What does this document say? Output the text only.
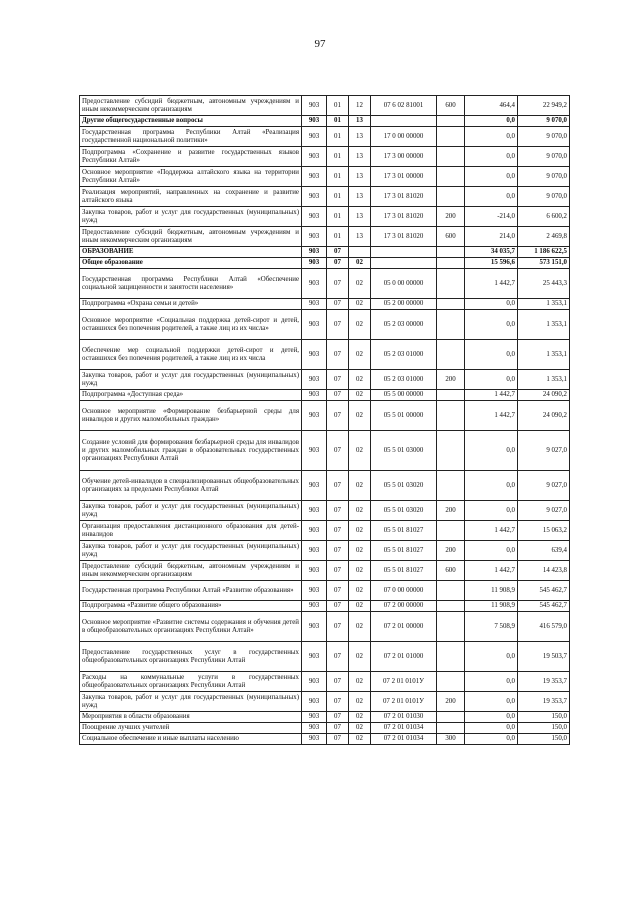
97
Предоставление субсидий бюджетным, автономным учреждениям и иным некоммерческим организациям	903	01	12	07 6 02 81001	600	464,4	22 949,2
Другие общегосударственные вопросы	903	01	13			0,0	9 070,0
Государственная программа Республики Алтай «Реализация государственной национальной политики»	903	01	13	17 0 00 00000		0,0	9 070,0
Подпрограмма «Сохранение и развитие государственных языков Республики Алтай»	903	01	13	17 3 00 00000		0,0	9 070,0
Основное мероприятие «Поддержка алтайского языка на территории Республики Алтай»	903	01	13	17 3 01 00000		0,0	9 070,0
Реализация мероприятий, направленных на сохранение и развитие алтайского языка	903	01	13	17 3 01 81020		0,0	9 070,0
Закупка товаров, работ и услуг для государственных (муниципальных) нужд	903	01	13	17 3 01 81020	200	-214,0	6 600,2
Предоставление субсидий бюджетным, автономным учреждениям и иным некоммерческим организациям	903	01	13	17 3 01 81020	600	214,0	2 469,8
ОБРАЗОВАНИЕ	903	07				34 035,7	1 186 622,5
Общее образование	903	07	02			15 596,6	573 151,0
Государственная программа Республики Алтай «Обеспечение социальной защищенности и занятости населения»	903	07	02	05 0 00 00000		1 442,7	25 443,3
Подпрограмма «Охрана семьи и детей»	903	07	02	05 2 00 00000		0,0	1 353,1
Основное мероприятие «Социальная поддержка детей-сирот и детей, оставшихся без попечения родителей, а также лиц из их числа»	903	07	02	05 2 03 00000		0,0	1 353,1
Обеспечение мер социальной поддержки детей-сирот и детей, оставшихся без попечения родителей, а также лиц из их числа	903	07	02	05 2 03 01000		0,0	1 353,1
Закупка товаров, работ и услуг для государственных (муниципальных) нужд	903	07	02	05 2 03 01000	200	0,0	1 353,1
Подпрограмма «Доступная среда»	903	07	02	05 5 00 00000		1 442,7	24 090,2
Основное мероприятие «Формирование безбарьерной среды для инвалидов и других маломобильных граждан»	903	07	02	05 5 01 00000		1 442,7	24 090,2
Создание условий для формирования безбарьерной среды для инвалидов и других маломобильных граждан в образовательных государственных организациях Республики Алтай	903	07	02	05 5 01 03000		0,0	9 027,0
Обучение детей-инвалидов в специализированных общеобразовательных организациях за пределами Республики Алтай	903	07	02	05 5 01 03020		0,0	9 027,0
Закупка товаров, работ и услуг для государственных (муниципальных) нужд	903	07	02	05 5 01 03020	200	0,0	9 027,0
Организация предоставления дистанционного образования для детей-инвалидов	903	07	02	05 5 01 81027		1 442,7	15 063,2
Закупка товаров, работ и услуг для государственных (муниципальных) нужд	903	07	02	05 5 01 81027	200	0,0	639,4
Предоставление субсидий бюджетным, автономным учреждениям и иным некоммерческим организациям	903	07	02	05 5 01 81027	600	1 442,7	14 423,8
Государственная программа Республики Алтай «Развитие образования»	903	07	02	07 0 00 00000		11 908,9	545 462,7
Подпрограмма «Развитие общего образования»	903	07	02	07 2 00 00000		11 908,9	545 462,7
Основное мероприятие «Развитие системы содержания и обучения детей в общеобразовательных организациях Республики Алтай»	903	07	02	07 2 01 00000		7 508,9	416 579,0
Предоставление государственных услуг в государственных общеобразовательных организациях Республики Алтай	903	07	02	07 2 01 01000		0,0	19 503,7
Расходы на коммунальные услуги в государственных общеобразовательных организациях Республики Алтай	903	07	02	07 2 01 0101У		0,0	19 353,7
Закупка товаров, работ и услуг для государственных (муниципальных) нужд	903	07	02	07 2 01 0101У	200	0,0	19 353,7
Мероприятия в области образования	903	07	02	07 2 01 01030		0,0	150,0
Поощрение лучших учителей	903	07	02	07 2 01 01034		0,0	150,0
Социальное обеспечение и иные выплаты населению	903	07	02	07 2 01 01034	300	0,0	150,0
